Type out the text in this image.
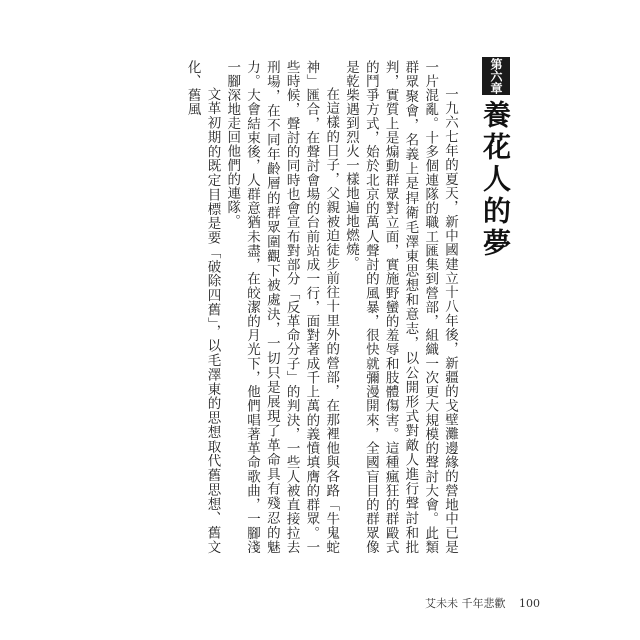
第六章
養花人的夢

一九六七年的夏天，新中國建立十八年後，新疆的戈壁灘邊緣的營地中已是一片混亂。十多個連隊的職工匯集到營部，組織一次更大規模的聲討大會。此類群眾聚會，名義上是捍衛毛澤東思想和意志，以公開形式對敵人進行聲討和批判，實質上是煽動群眾對立面，實施野蠻的羞辱和肢體傷害。這種瘋狂的群毆式的鬥爭方式，始於北京的萬人聲討的風暴，很快就彌漫開來，全國盲目的群眾像是乾柴遇到烈火一樣地遍地燃燒。

在這樣的日子，父親被迫徒步前往十里外的營部，在那裡他與各路「牛鬼蛇神」匯合，在聲討會場的台前站成一行，面對著成千上萬的義憤填膺的群眾。一些時候，聲討的同時也會宣布對部分「反革命分子」的判決，一些人被直接拉去刑場，在不同年齡層的群眾圍觀下被處決，一切只是展現了革命具有殘忍的魅力。大會結束後，人群意猶未盡，在皎潔的月光下，他們唱著革命歌曲，一腳淺一腳深地走回他們的連隊。

文革初期的既定目標是要「破除四舊」，以毛澤東的思想取代舊思想、舊文化、舊風

艾未未 千年悲歡 100
